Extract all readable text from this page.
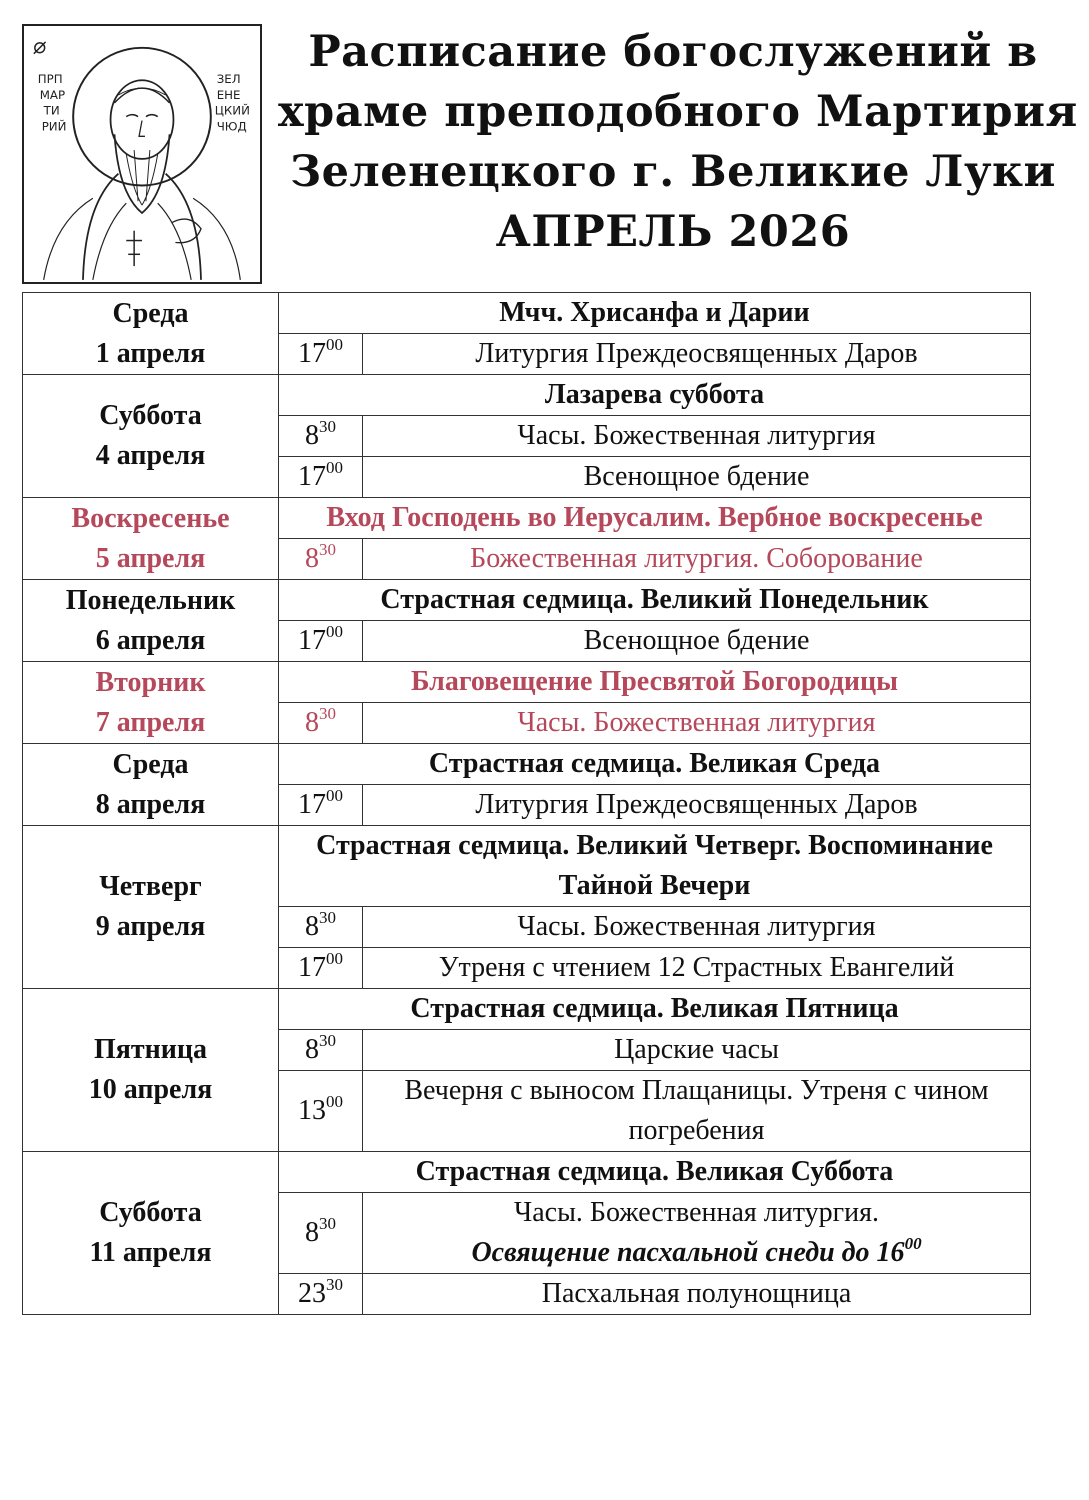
ПРП
МАР
ТИ
РИЙ
ЗЕЛ
ЕНЕ
ЦКИЙ
ЧЮД
Расписание богослужений в
храме преподобного Мартирия
Зеленецкого г. Великие Луки
АПРЕЛЬ 2026
Среда
1 апреля	Мчч. Хрисанфа и Дарии	
	$17^{00}$	Литургия Преждеосвященных Даров

Суббота
4 апреля	Лазарева суббота	
	$8^{30}$	Часы. Божественная литургия
	$17^{00}$	Всенощное бдение

Воскресенье
5 апреля	Вход Господень во Иерусалим. Вербное воскресенье	
	$8^{30}$	Божественная литургия. Соборование

Понедельник
6 апреля	Страстная седмица. Великий Понедельник	
	$17^{00}$	Всенощное бдение

Вторник
7 апреля	Благовещение Пресвятой Богородицы	
	$8^{30}$	Часы. Божественная литургия

Среда
8 апреля	Страстная седмица. Великая Среда	
	$17^{00}$	Литургия Преждеосвященных Даров

Четверг
9 апреля	Страстная седмица. Великий Четверг. Воспоминание Тайной Вечери	
	$8^{30}$	Часы. Божественная литургия
	$17^{00}$	Утреня с чтением 12 Страстных Евангелий

Пятница
10 апреля	Страстная седмица. Великая Пятница	
	$8^{30}$	Царские часы
	$13^{00}$	Вечерня с выносом Плащаницы. Утреня с чином погребения

Суббота
11 апреля	Страстная седмица. Великая Суббота	
	$8^{30}$	Часы. Божественная литургия.
Освящение пасхальной снеди до $16^{00}$

	$23^{30}$	Пасхальная полунощница
